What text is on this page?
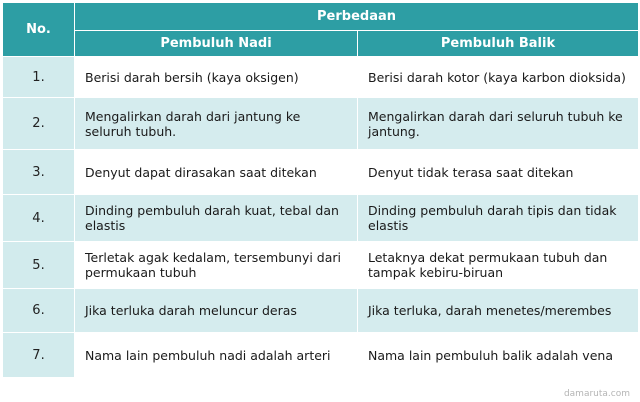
No.	Perbedaan	
	Pembuluh Nadi	Pembuluh Balik
1.	Berisi darah bersih (kaya oksigen)	Berisi darah kotor (kaya karbon dioksida)
2.	Mengalirkan darah dari jantung ke seluruh tubuh.	Mengalirkan darah dari seluruh tubuh ke jantung.
3.	Denyut dapat dirasakan saat ditekan	Denyut tidak terasa saat ditekan
4.	Dinding pembuluh darah kuat, tebal dan elastis	Dinding pembuluh darah tipis dan tidak elastis
5.	Terletak agak kedalam, tersembunyi dari permukaan tubuh	Letaknya dekat permukaan tubuh dan tampak kebiru-biruan
6.	Jika terluka darah meluncur deras	Jika terluka, darah menetes/merembes
7.	Nama lain pembuluh nadi adalah arteri	Nama lain pembuluh balik adalah vena
damaruta.com
